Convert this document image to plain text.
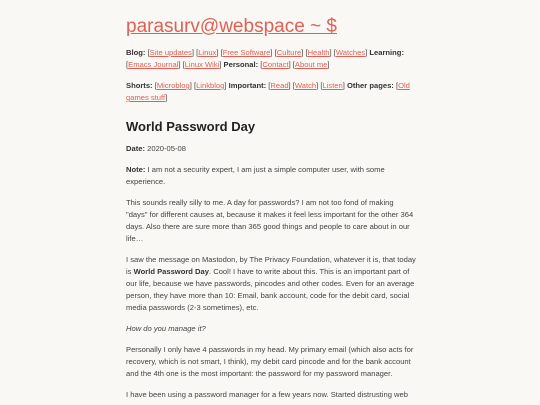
parasurv@webspace ~ $
Blog: [Site updates] [Linux] [Free Software] [Culture] [Health] [Watches] Learning: [Emacs Journal] [Linux Wiki] Personal: [Contact] [About me]
Shorts: [Microblog] [Linkblog] Important: [Read] [Watch] [Listen] Other pages: [Old games stuff]
World Password Day
Date: 2020-05-08

Note: I am not a security expert, I am just a simple computer user, with some experience.

This sounds really silly to me. A day for passwords? I am not too fond of making "days" for different causes at, because it makes it feel less important for the other 364 days. Also there are sure more than 365 good things and people to care about in our life…

I saw the message on Mastodon, by The Privacy Foundation, whatever it is, that today is World Password Day. Cool! I have to write about this. This is an important part of our life, because we have passwords, pincodes and other codes. Even for an average person, they have more than 10: Email, bank account, code for the debit card, social media passwords (2-3 sometimes), etc.

How do you manage it?

Personally I only have 4 passwords in my head. My primary email (which also acts for recovery, which is not smart, I think), my debit card pincode and for the bank account and the 4th one is the most important: the password for my password manager.

I have been using a password manager for a few years now. Started distrusting web
